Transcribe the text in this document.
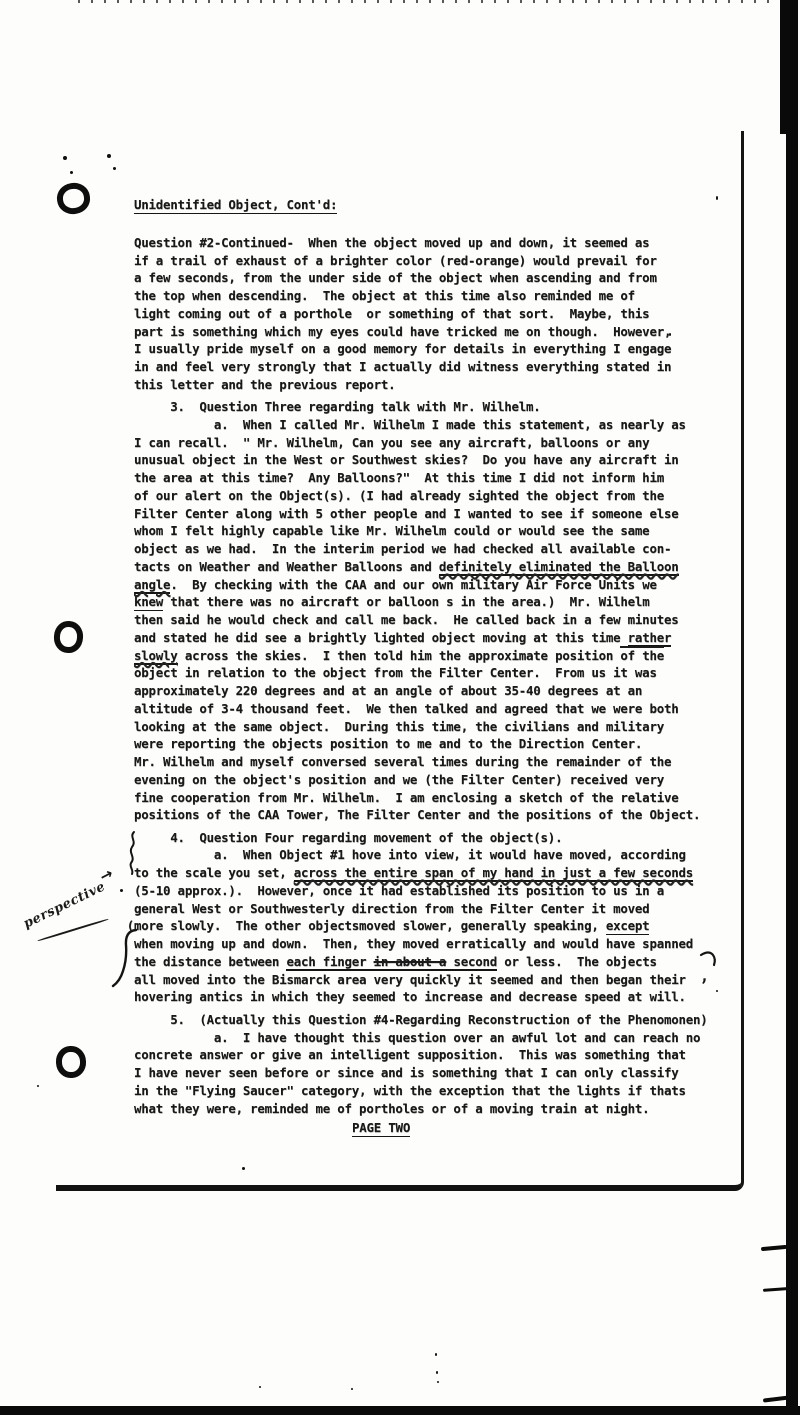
perspective
→
,
Unidentified Object, Cont'd:
Question #2-Continued-  When the object moved up and down, it seemed as
if a trail of exhaust of a brighter color (red-orange) would prevail for
a few seconds, from the under side of the object when ascending and from
the top when descending.  The object at this time also reminded me of
light coming out of a porthole  or something of that sort.  Maybe, this
part is something which my eyes could have tricked me on though.  However,
I usually pride myself on a good memory for details in everything I engage
in and feel very strongly that I actually did witness everything stated in
this letter and the previous report.
3.  Question Three regarding talk with Mr. Wilhelm.
a.  When I called Mr. Wilhelm I made this statement, as nearly as
I can recall.  " Mr. Wilhelm, Can you see any aircraft, balloons or any
unusual object in the West or Southwest skies?  Do you have any aircraft in
the area at this time?  Any Balloons?"  At this time I did not inform him
of our alert on the Object(s). (I had already sighted the object from the
Filter Center along with 5 other people and I wanted to see if someone else
whom I felt highly capable like Mr. Wilhelm could or would see the same
object as we had.  In the interim period we had checked all available con-
tacts on Weather and Weather Balloons and definitely eliminated the Balloon
angle.  By checking with the CAA and our own military Air Force Units we
knew that there was no aircraft or balloon s in the area.)  Mr. Wilhelm
then said he would check and call me back.  He called back in a few minutes
and stated he did see a brightly lighted object moving at this time rather
slowly across the skies.  I then told him the approximate position of the
object in relation to the object from the Filter Center.  From us it was
approximately 220 degrees and at an angle of about 35-40 degrees at an
altitude of 3-4 thousand feet.  We then talked and agreed that we were both
looking at the same object.  During this time, the civilians and military
were reporting the objects position to me and to the Direction Center.
Mr. Wilhelm and myself conversed several times during the remainder of the
evening on the object's position and we (the Filter Center) received very
fine cooperation from Mr. Wilhelm.  I am enclosing a sketch of the relative
positions of the CAA Tower, The Filter Center and the positions of the Object.
4.  Question Four regarding movement of the object(s).
a.  When Object #1 hove into view, it would have moved, according
to the scale you set, across the entire span of my hand in just a few seconds
(5-10 approx.).  However, once it had established its position to us in a
general West or Southwesterly direction from the Filter Center it moved
(more slowly.  The other objectsmoved slower, generally speaking, except
when moving up and down.  Then, they moved erratically and would have spanned
the distance between each finger in about a second or less.  The objects
all moved into the Bismarck area very quickly it seemed and then began their
hovering antics in which they seemed to increase and decrease speed at will.
5.  (Actually this Question #4-Regarding Reconstruction of the Phenomonen)
a.  I have thought this question over an awful lot and can reach no
concrete answer or give an intelligent supposition.  This was something that
I have never seen before or since and is something that I can only classify
in the "Flying Saucer" category, with the exception that the lights if thats
what they were, reminded me of portholes or of a moving train at night.
PAGE TWO
